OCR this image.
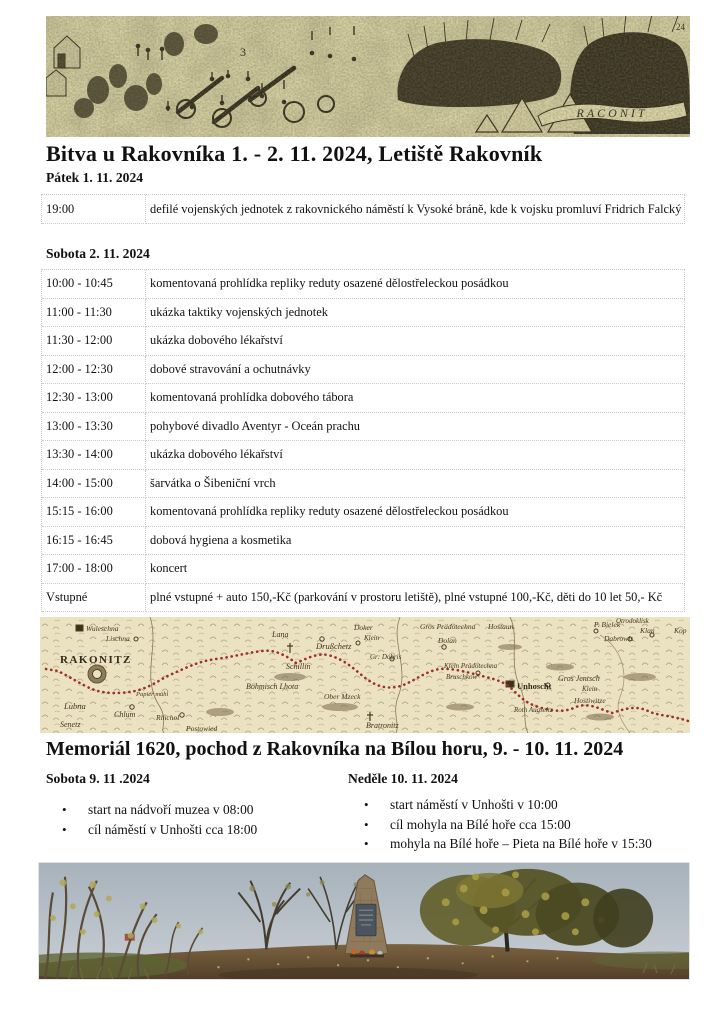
Bitva u Rakovníka 1. - 2. 11. 2024, Letiště Rakovník
Pátek 1. 11. 2024
19:00	defilé vojenských jednotek z rakovnického náměstí k Vysoké bráně, kde k vojsku promluví Fridrich Falcký
Sobota 2. 11. 2024
10:00 - 10:45	komentovaná prohlídka repliky reduty osazené dělostřeleckou posádkou
11:00 - 11:30	ukázka taktiky vojenských jednotek
11:30 - 12:00	ukázka dobového lékařství
12:00 - 12:30	dobové stravování a ochutnávky
12:30 - 13:00	komentovaná prohlídka dobového tábora
13:00 - 13:30	pohybové divadlo Aventyr - Oceán prachu
13:30 - 14:00	ukázka dobového lékařství
14:00 - 15:00	šarvátka o Šibeniční vrch
15:15 - 16:00	komentovaná prohlídka repliky reduty osazené dělostřeleckou posádkou
16:15 - 16:45	dobová hygiena a kosmetika
17:00 - 18:00	koncert
Vstupné	plné vstupné + auto 150,-Kč (parkování v prostoru letiště), plné vstupné 100,-Kč, děti do 10 let 50,- Kč
RAKONITZ
Lubna
Chlum
Senetz
Wuleschna
Lischna
Papier mühl
Rinchol
Postowied
Lana
Schillin
Böhmisch Lhota
Drußchetz
Doker
Klein
Gr: Dobris
Dolan
Gros Prädotechna
Klein Prädotechna
Bruschkow
Unhoscht
Gros Jentsch
Klein
Hostiwitze
Roth Augseltz
Bratronitz
Ober Mzeck
Hostaun	P. Bielek
Dabrowis
Klan	Kop
Otrodoklisk
Memoriál 1620, pochod z Rakovníka na Bílou horu, 9. - 10. 11. 2024
Sobota 9. 11 .2024
• start na nádvoří muzea v 08:00
• cíl náměstí v Unhošti cca 18:00
Neděle 10. 11. 2024
• start náměstí v Unhošti v 10:00
• cíl mohyla na Bílé hoře cca 15:00
• mohyla na Bílé hoře – Pieta na Bílé hoře v 15:30
